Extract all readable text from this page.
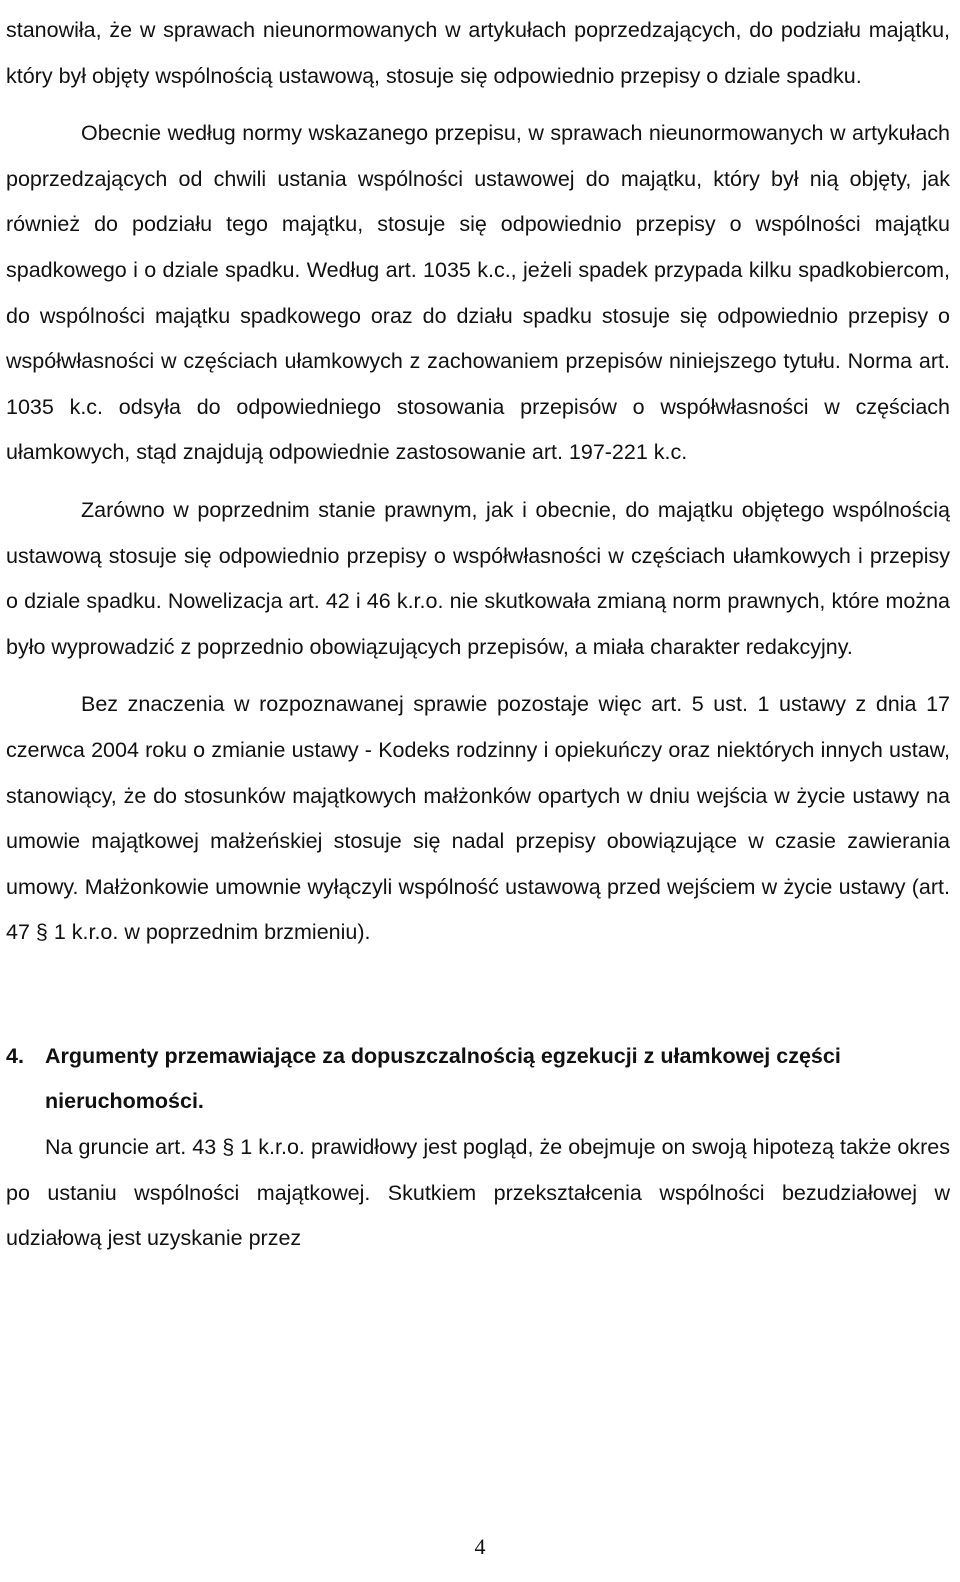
stanowiła, że w sprawach nieunormowanych w artykułach poprzedzających, do podziału majątku, który był objęty wspólnością ustawową, stosuje się odpowiednio przepisy o dziale spadku.

Obecnie według normy wskazanego przepisu, w sprawach nieunormowanych w artykułach poprzedzających od chwili ustania wspólności ustawowej do majątku, który był nią objęty, jak również do podziału tego majątku, stosuje się odpowiednio przepisy o wspólności majątku spadkowego i o dziale spadku. Według art. 1035 k.c., jeżeli spadek przypada kilku spadkobiercom, do wspólności majątku spadkowego oraz do działu spadku stosuje się odpowiednio przepisy o współwłasności w częściach ułamkowych z zachowaniem przepisów niniejszego tytułu. Norma art. 1035 k.c. odsyła do odpowiedniego stosowania przepisów o współwłasności w częściach ułamkowych, stąd znajdują odpowiednie zastosowanie art. 197-221 k.c.

Zarówno w poprzednim stanie prawnym, jak i obecnie, do majątku objętego wspólnością ustawową stosuje się odpowiednio przepisy o współwłasności w częściach ułamkowych i przepisy o dziale spadku. Nowelizacja art. 42 i 46 k.r.o. nie skutkowała zmianą norm prawnych, które można było wyprowadzić z poprzednio obowiązujących przepisów, a miała charakter redakcyjny.

Bez znaczenia w rozpoznawanej sprawie pozostaje więc art. 5 ust. 1 ustawy z dnia 17 czerwca 2004 roku o zmianie ustawy - Kodeks rodzinny i opiekuńczy oraz niektórych innych ustaw, stanowiący, że do stosunków majątkowych małżonków opartych w dniu wejścia w życie ustawy na umowie majątkowej małżeńskiej stosuje się nadal przepisy obowiązujące w czasie zawierania umowy. Małżonkowie umownie wyłączyli wspólność ustawową przed wejściem w życie ustawy (art. 47 § 1 k.r.o. w poprzednim brzmieniu).

4. Argumenty przemawiające za dopuszczalnością egzekucji z ułamkowej części nieruchomości.

Na gruncie art. 43 § 1 k.r.o. prawidłowy jest pogląd, że obejmuje on swoją hipotezą także okres po ustaniu wspólności majątkowej. Skutkiem przekształcenia wspólności bezudziałowej w udziałową jest uzyskanie przez

4
